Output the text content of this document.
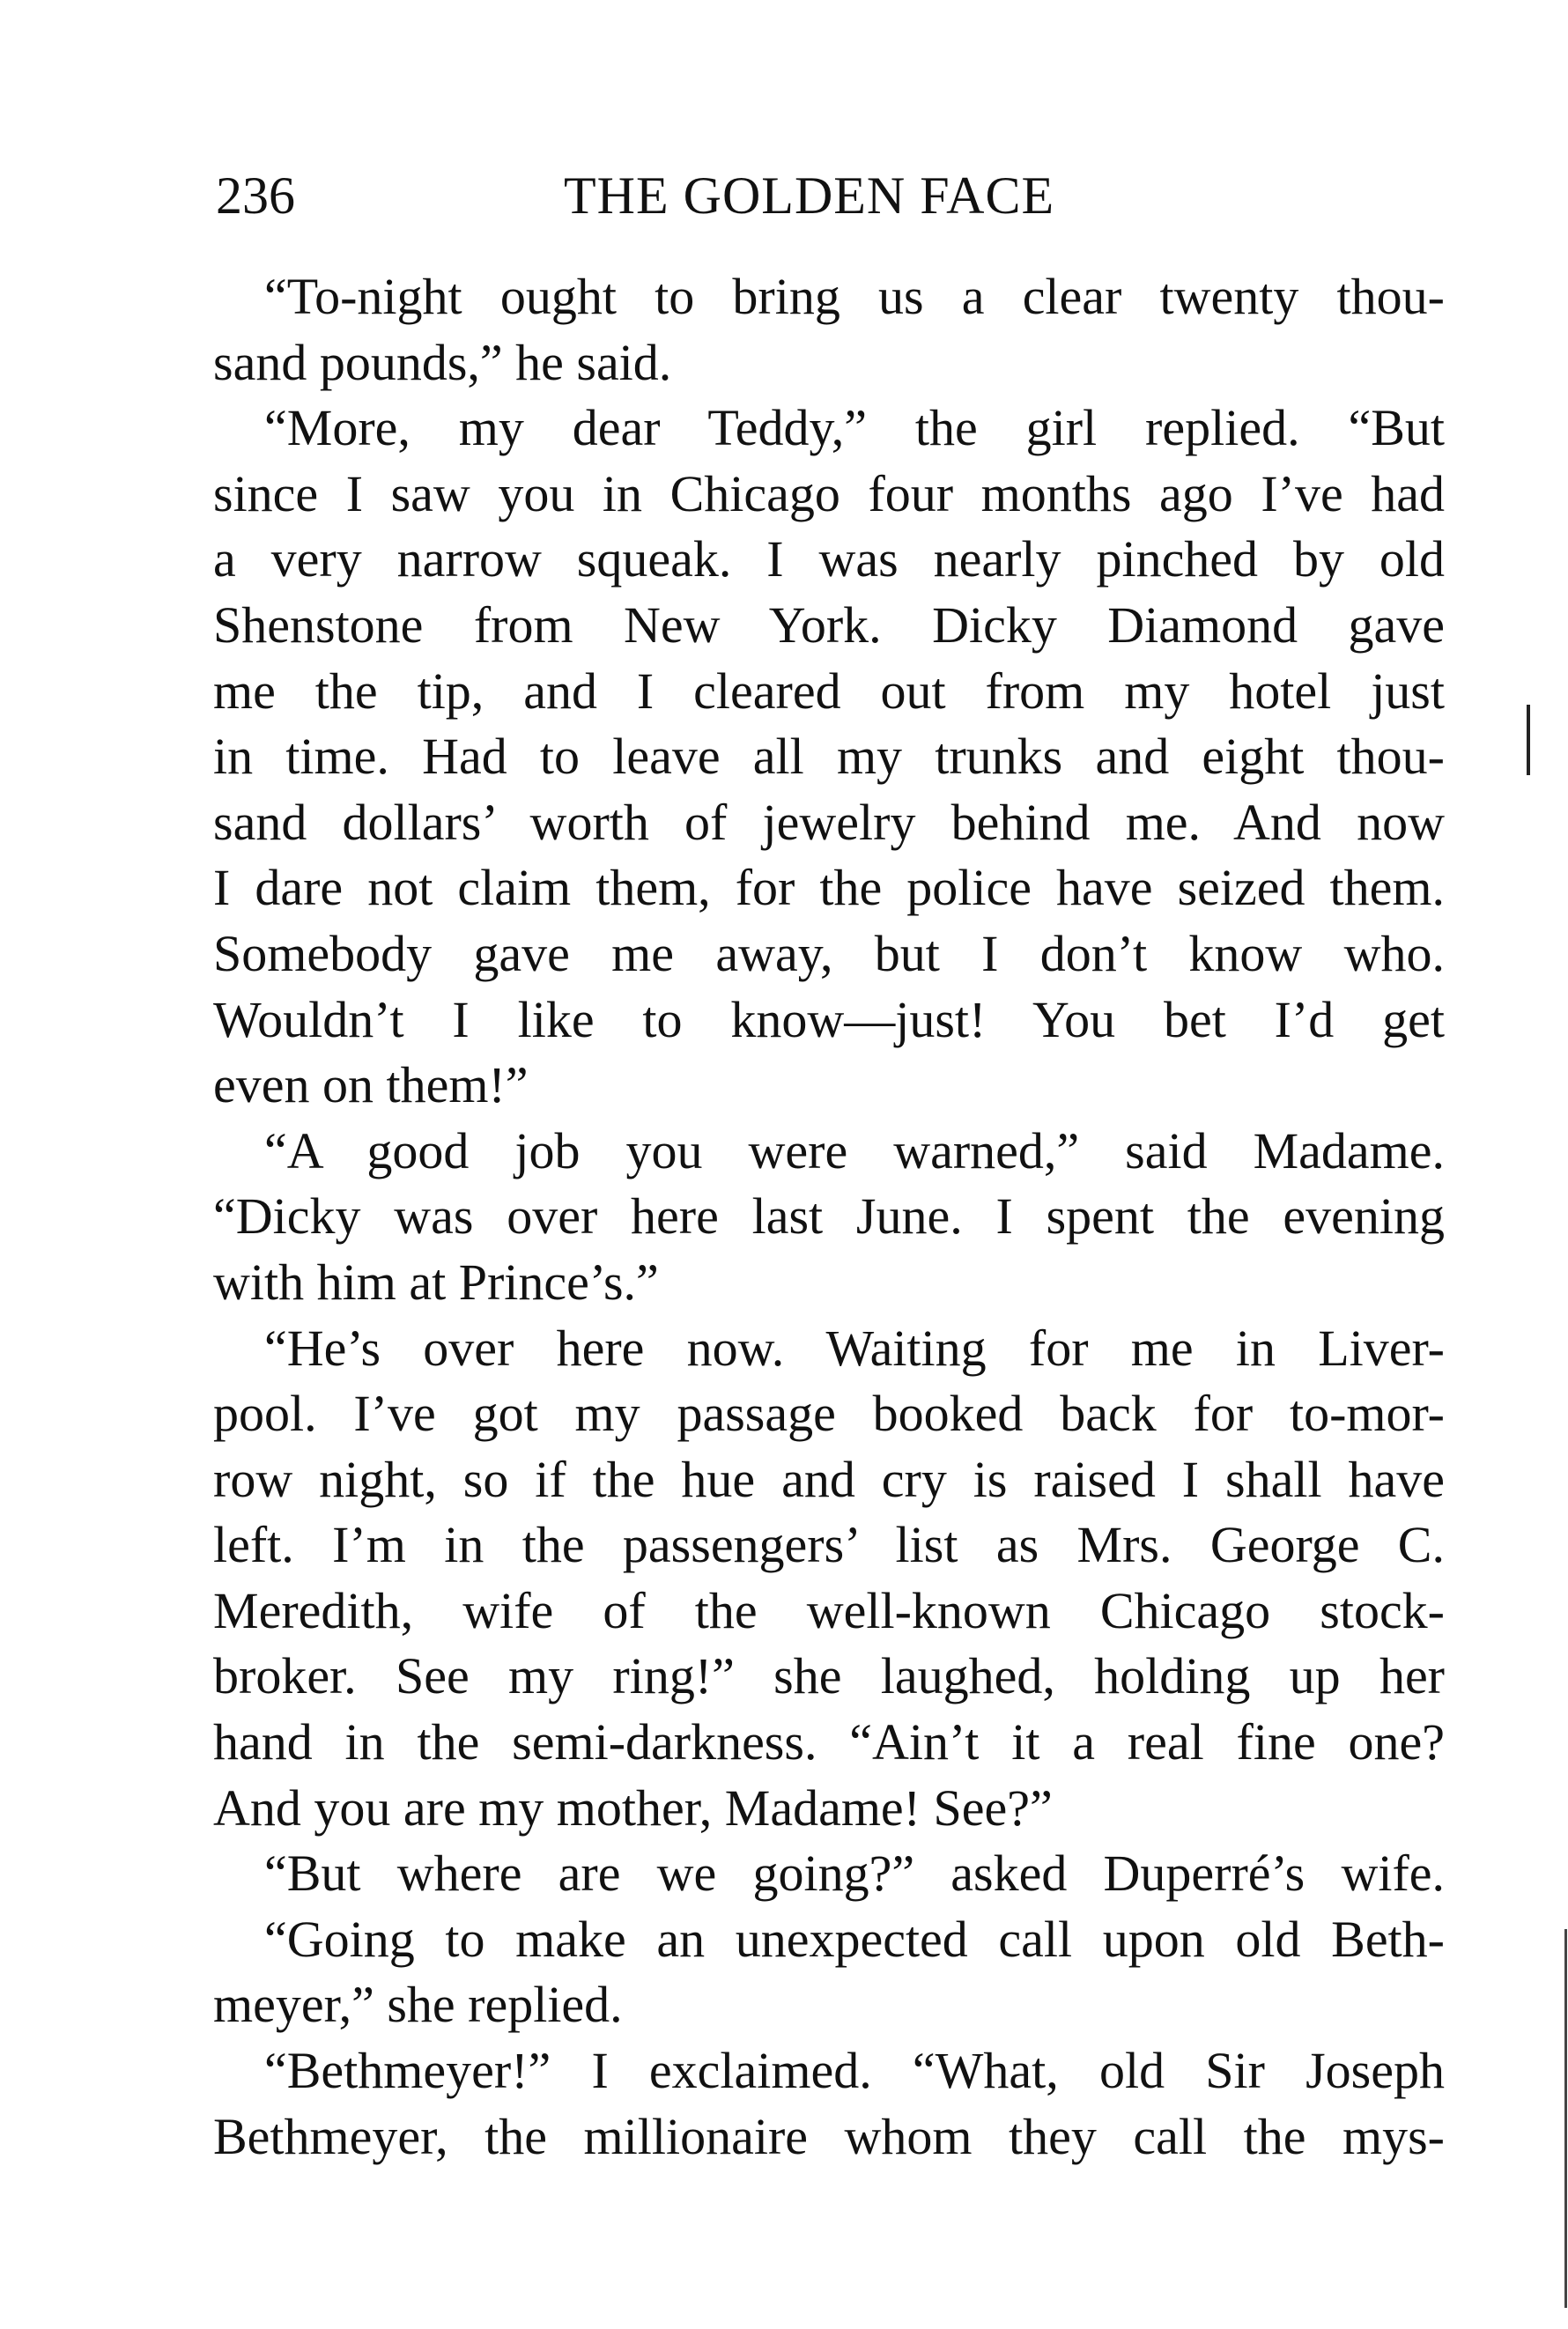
236	THE GOLDEN FACE
“To-night ought to bring us a clear twenty thou-
sand pounds,” he said.
“More, my dear Teddy,” the girl replied. “But
since I saw you in Chicago four months ago I’ve had
a very narrow squeak. I was nearly pinched by old
Shenstone from New York. Dicky Diamond gave
me the tip, and I cleared out from my hotel just
in time. Had to leave all my trunks and eight thou-
sand dollars’ worth of jewelry behind me. And now
I dare not claim them, for the police have seized them.
Somebody gave me away, but I don’t know who.
Wouldn’t I like to know—just! You bet I’d get
even on them!”
“A good job you were warned,” said Madame.
“Dicky was over here last June. I spent the evening
with him at Prince’s.”
“He’s over here now. Waiting for me in Liver-
pool. I’ve got my passage booked back for to-mor-
row night, so if the hue and cry is raised I shall have
left. I’m in the passengers’ list as Mrs. George C.
Meredith, wife of the well-known Chicago stock-
broker. See my ring!” she laughed, holding up her
hand in the semi-darkness. “Ain’t it a real fine one?
And you are my mother, Madame! See?”
“But where are we going?” asked Duperré’s wife.
“Going to make an unexpected call upon old Beth-
meyer,” she replied.
“Bethmeyer!” I exclaimed. “What, old Sir Joseph
Bethmeyer, the millionaire whom they call the mys-
